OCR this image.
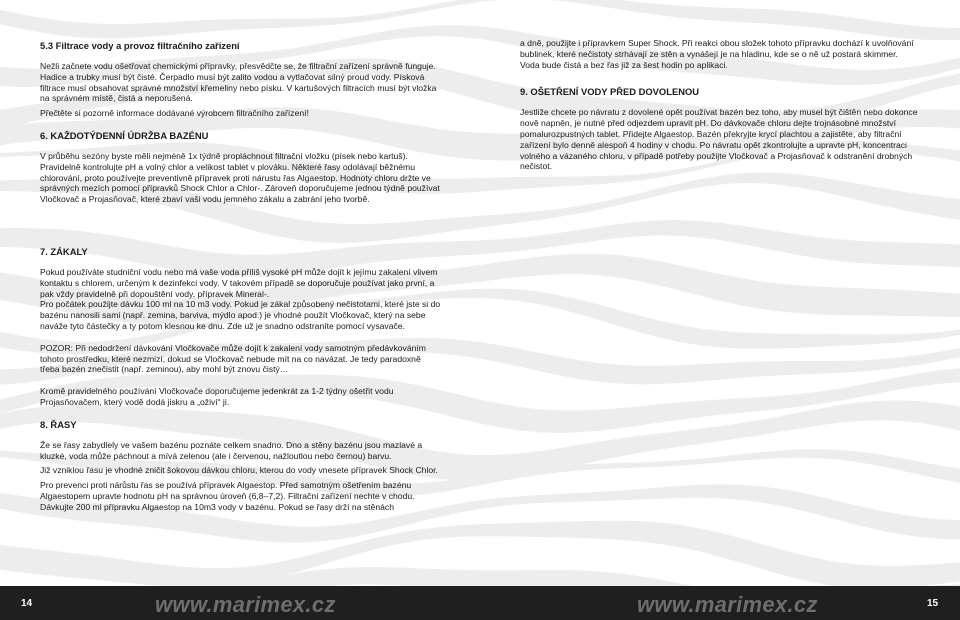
5.3 Filtrace vody a provoz filtračního zařízení

Nežli začnete vodu ošetřovat chemickými přípravky, přesvědčte se, že filtrační zařízení správně funguje. Hadice a trubky musí být čisté. Čerpadlo musí být zalito vodou a vytlačovat silný proud vody. Písková filtrace musí obsahovat správné množství křemeliny nebo písku. V kartušových filtracích musí být vložka na správném místě, čistá a neporušená.

Přečtěte si pozorně informace dodávané výrobcem filtračního zařízení!

6. KAŽDOTÝDENNÍ ÚDRŽBA BAZÉNU

V průběhu sezóny byste měli nejméně 1x týdně propláchnout filtrační vložku (písek nebo kartuš). Pravidelně kontrolujte pH a volný chlor a velikost tablet v plováku. Některé řasy odolávají běžnému chlorování, proto používejte preventivně přípravek proti nárustu řas Algaestop. Hodnoty chloru držte ve správných mezích pomocí přípravků Shock Chlor a Chlor-. Zároveň doporučujeme jednou týdně používat Vločkovač a Projasňovač, které zbaví vaši vodu jemného zákalu a zabrání jeho tvorbě.

7. ZÁKALY

Pokud používáte studniční vodu nebo má vaše voda příliš vysoké pH může dojít k jejímu zakalení vlivem kontaktu s chlorem, určeným k dezinfekci vody. V takovém případě se doporučuje používat jako první, a pak vždy pravidelně při dopouštění vody, přípravek Mineral-.

Pro počátek použijte dávku 100 ml na 10 m3 vody. Pokud je zákal způsobený nečistotami, které jste si do bazénu nanosili sami (např. zemina, barviva, mýdlo apod.) je vhodné použít Vločkovač, který na sebe naváže tyto částečky a ty potom klesnou ke dnu. Zde už je snadno odstraníte pomocí vysavače.

POZOR: Při nedodržení dávkování Vločkovače může dojít k zakalení vody samotným předávkováním tohoto prostředku, které nezmizí, dokud se Vločkovač nebude mít na co navázat. Je tedy paradoxně třeba bazén znečistit (např. zeminou), aby mohl být znovu čistý…

Kromě pravidelného používání Vločkovače doporučujeme jedenkrát za 1-2 týdny ošetřit vodu Projasňovačem, který vodě dodá jiskru a „oživí“ ji.

8. ŘASY

Že se řasy zabydlely ve vašem bazénu poznáte celkem snadno. Dno a stěny bazénu jsou mazlavé a kluzké, voda může páchnout a mívá zelenou (ale i červenou, nažloutlou nebo černou) barvu.

Již vzniklou řasu je vhodné zničit šokovou dávkou chloru, kterou do vody vnesete přípravek Shock Chlor.

Pro prevenci proti nárůstu řas se používá přípravek Algaestop. Před samotným ošetřením bazénu Algaestopem upravte hodnotu pH na správnou úroveň (6,8–7,2). Filtrační zařízení nechte v chodu. Dávkujte 200 ml přípravku Algaestop na 10m3 vody v bazénu. Pokud se řasy drží na stěnách

a dně, použijte i přípravkem Super Shock. Při reakci obou složek tohoto přípravku dochází k uvolňování bublinek, které nečistoty strhávají ze stěn a vynášejí je na hladinu, kde se o ně už postará skimmer. Voda bude čistá a bez řas již za šest hodin po aplikaci.

9. OŠETŘENÍ VODY PŘED DOVOLENOU

Jestliže chcete po návratu z dovolené opět používat bazén bez toho, aby musel být čištěn nebo dokonce nově napněn, je nutné před odjezdem upravit pH. Do dávkovače chloru dejte trojnásobné množství pomalurozpustných tablet. Přidejte Algaestop. Bazén překryjte krycí plachtou a zajistěte, aby filtrační zařízení bylo denně alespoň 4 hodiny v chodu. Po návratu opět zkontrolujte a upravte pH, koncentraci volného a vázaného chloru, v případě potřeby použijte Vločkovač a Projasňovač k odstranění drobných nečistot.

14	www.marimex.cz	www.marimex.cz	15
